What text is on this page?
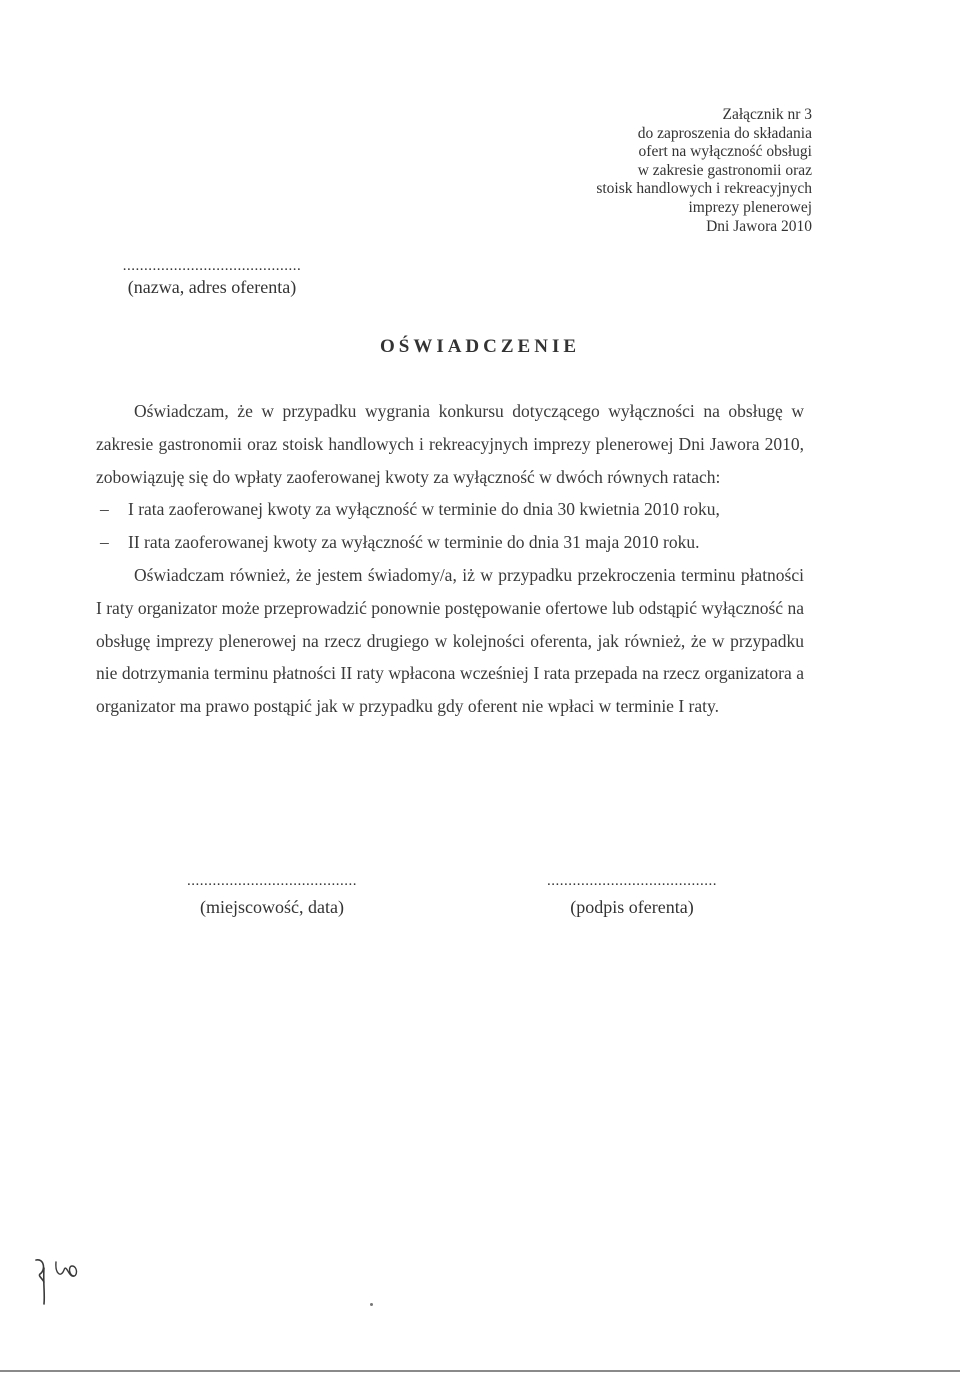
Załącznik nr 3
do zaproszenia do składania
ofert na wyłączność obsługi
w zakresie gastronomii oraz
stoisk handlowych i rekreacyjnych
imprezy plenerowej
Dni Jawora 2010
..........................................
(nazwa, adres oferenta)
OŚWIADCZENIE

Oświadczam, że w przypadku wygrania konkursu dotyczącego wyłączności na obsługę w zakresie gastronomii oraz stoisk handlowych i rekreacyjnych imprezy plenerowej Dni Jawora 2010, zobowiązuję się do wpłaty zaoferowanej kwoty za wyłączność w dwóch równych ratach:

– I rata zaoferowanej kwoty za wyłączność w terminie do dnia 30 kwietnia 2010 roku,
– II rata zaoferowanej kwoty za wyłączność w terminie do dnia 31 maja 2010 roku.

Oświadczam również, że jestem świadomy/a, iż w przypadku przekroczenia terminu płatności I raty organizator może przeprowadzić ponownie postępowanie ofertowe lub odstąpić wyłączność na obsługę imprezy plenerowej na rzecz drugiego w kolejności oferenta, jak również, że w przypadku nie dotrzymania terminu płatności II raty wpłacona wcześniej I rata przepada na rzecz organizatora a organizator ma prawo postąpić jak w przypadku gdy oferent nie wpłaci w terminie I raty.

........................................
(miejscowość, data)
........................................
(podpis oferenta)
